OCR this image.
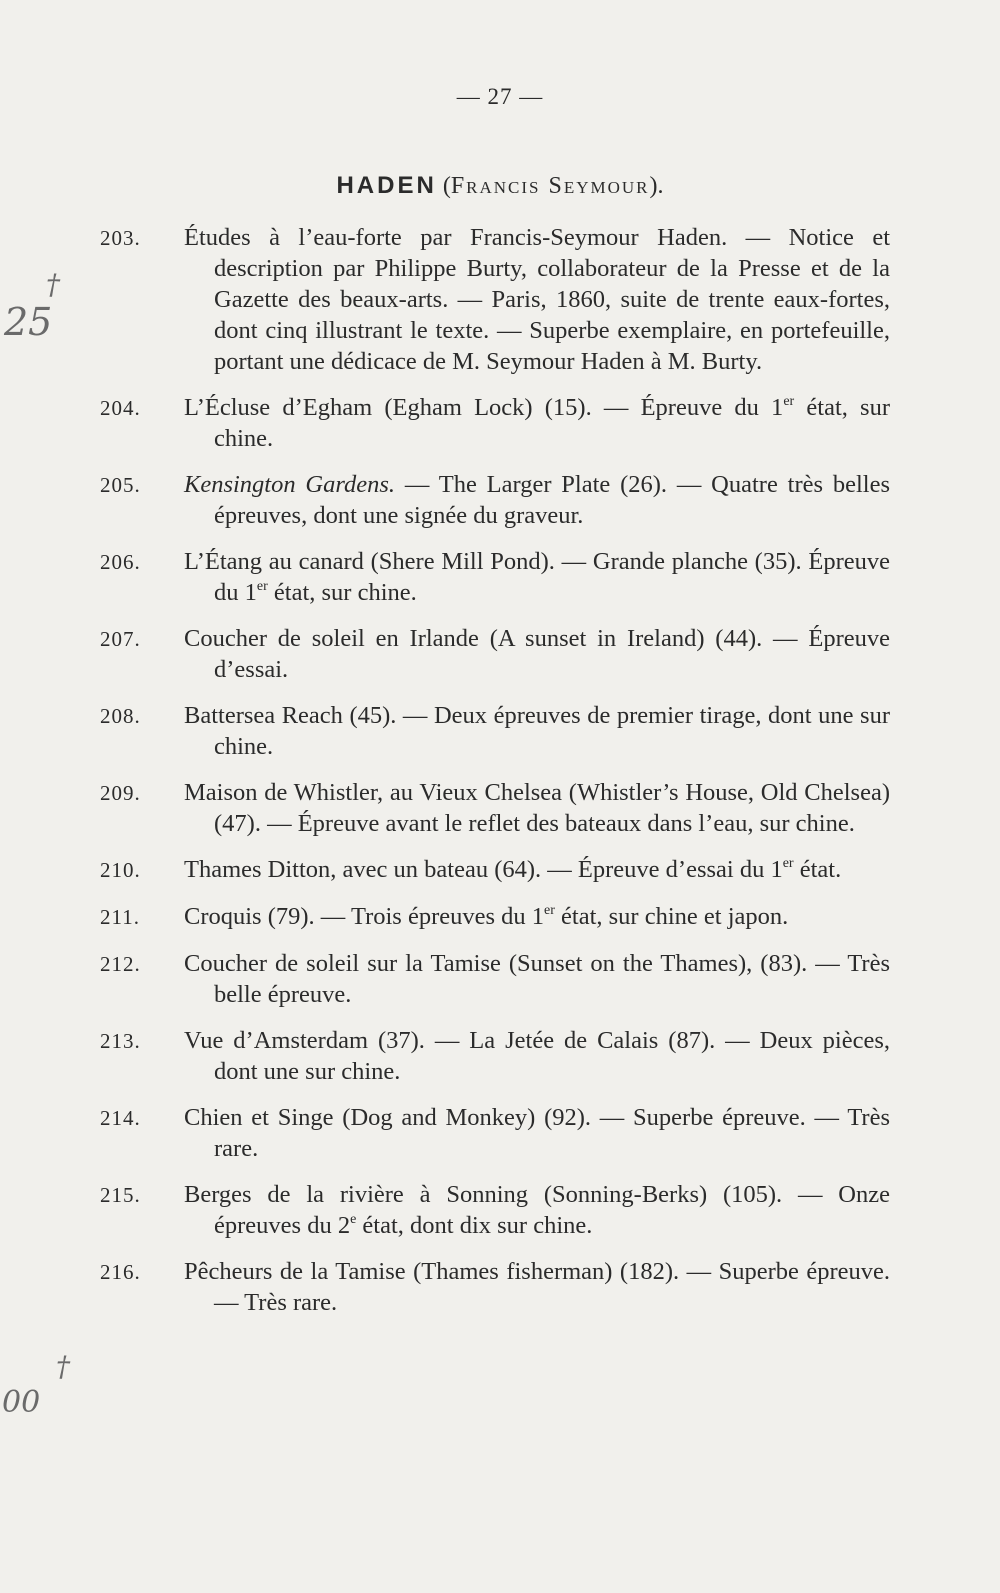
— 27 —
HADEN (Francis Seymour).
25
†
00
†
203.	Études à l’eau-forte par Francis-Seymour Haden. — Notice et description par Philippe Burty, collaborateur de la Presse et de la Gazette des beaux-arts. — Paris, 1860, suite de trente eaux-fortes, dont cinq illustrant le texte. — Superbe exemplaire, en portefeuille, portant une dédicace de M. Seymour Haden à M. Burty.
204.	L’Écluse d’Egham (Egham Lock) (15). — Épreuve du 1er état, sur chine.
205.	Kensington Gardens. — The Larger Plate (26). — Quatre très belles épreuves, dont une signée du graveur.
206.	L’Étang au canard (Shere Mill Pond). — Grande planche (35). Épreuve du 1er état, sur chine.
207.	Coucher de soleil en Irlande (A sunset in Ireland) (44). — Épreuve d’essai.
208.	Battersea Reach (45). — Deux épreuves de premier tirage, dont une sur chine.
209.	Maison de Whistler, au Vieux Chelsea (Whistler’s House, Old Chelsea) (47). — Épreuve avant le reflet des bateaux dans l’eau, sur chine.
210.	Thames Ditton, avec un bateau (64). — Épreuve d’essai du 1er état.
211.	Croquis (79). — Trois épreuves du 1er état, sur chine et japon.
212.	Coucher de soleil sur la Tamise (Sunset on the Thames), (83). — Très belle épreuve.
213.	Vue d’Amsterdam (37). — La Jetée de Calais (87). — Deux pièces, dont une sur chine.
214.	Chien et Singe (Dog and Monkey) (92). — Superbe épreuve. — Très rare.
215.	Berges de la rivière à Sonning (Sonning-Berks) (105). — Onze épreuves du 2e état, dont dix sur chine.
216.	Pêcheurs de la Tamise (Thames fisherman) (182). — Superbe épreuve. — Très rare.
